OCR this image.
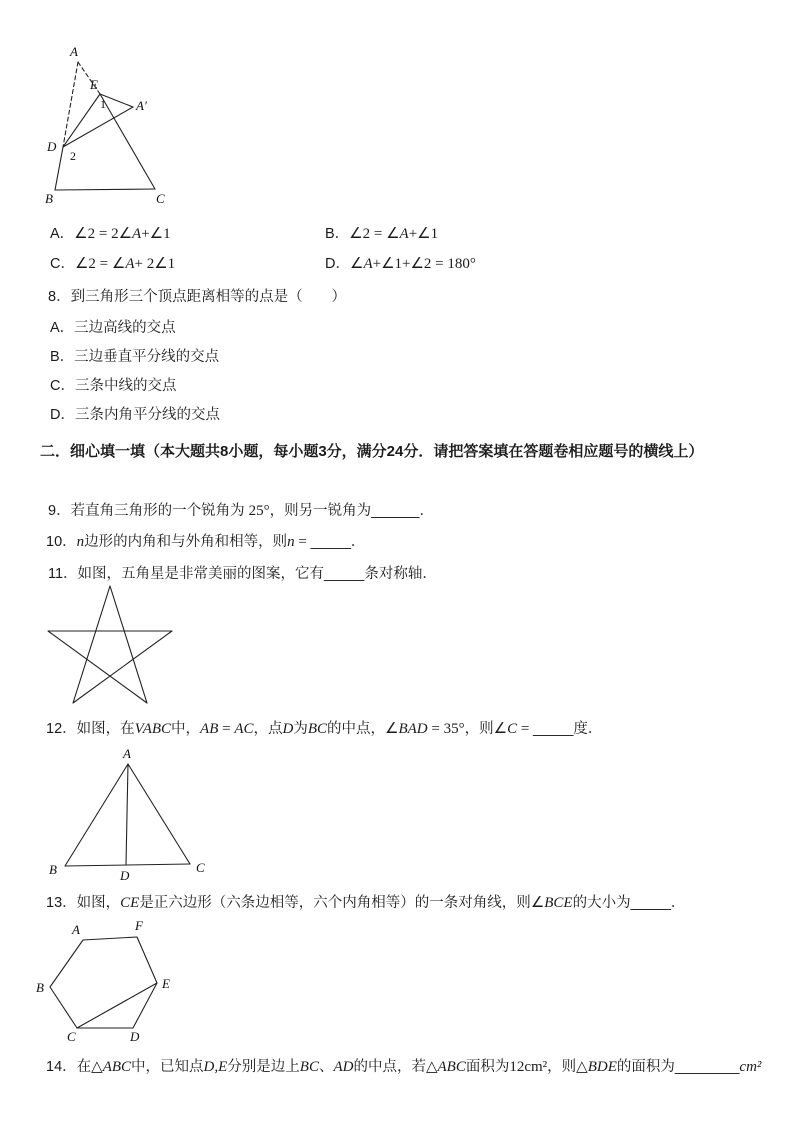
A
E
A′
1
D
2
B	C
A．∠2 = 2∠A+∠1	B．∠2 = ∠A+∠1
C．∠2 = ∠A+ 2∠1	D．∠A+∠1+∠2 = 180°
8．到三角形三个顶点距离相等的点是（　　）
A．三边高线的交点
B．三边垂直平分线的交点
C．三条中线的交点
D．三条内角平分线的交点
二．细心填一填（本大题共8小题，每小题3分，满分24分．请把答案填在答题卷相应题号的横线上）
9．若直角三角形的一个锐角为 25°，则另一锐角为______．
10．n边形的内角和与外角和相等，则n = _____．
11．如图，五角星是非常美丽的图案，它有_____条对称轴．
12．如图，在VABC中，AB = AC，点D为BC的中点，∠BAD = 35°，则∠C = _____度．
A
B	C
D
13．如图，CE是正六边形（六条边相等，六个内角相等）的一条对角线，则∠BCE的大小为_____．
A	F
B	E
C	D
14．在△ABC中，已知点D,E分别是边上BC、AD的中点，若△ABC面积为12cm²，则△BDE的面积为________cm²
